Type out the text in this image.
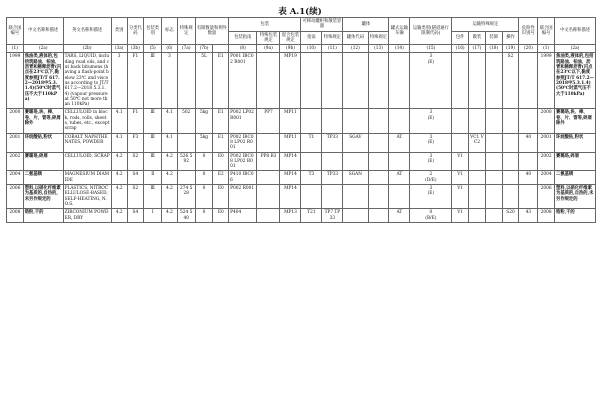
表 A.1(续)
联合国编号	中文名称和描述	英文名称和描述	类别	分类代码	包装类别	标志	特殊规定	有限数量和例外数量		包装			可移动罐柜和散装容器		罐体		罐式运输车辆	运输类别(隧道通行限制代码)	运输特殊规定				危险性识别号	联合国编号	中文名称和描述
										包装指南	特殊包装规定	混合包装规定	指南	特殊规定	罐体代码	特殊规定			包件	散装	装卸	操作			
(1)	(2a)	(2b)	(3a)	(3b)	(5)	(6)	(7a)	(7b)		(8)	(9a)	(9b)	(10)	(11)	(12)	(13)	(14)	(15)	(16)	(17)	(18)	(19)	(20)	(1)	(2a)
1999	焦油类,液体的,包括筑路油、柏油、沥青和稀释沥青(闪点在23℃以下,黏度参照JT/T 617.2—2018中5.3.1.4)(50℃时蒸气压不大于110kPa)	TARS, LIQUID, including road oils, and cut back bitumens (having a flash-point below 23℃ and viscous according to JT/T 617.2—2018 5.3.1.4) (vapour pressure at 50℃ not more than 110kPa)	3	F1	Ⅲ	3		5L	E1	P001 IBC02 R001		MP19						3
(E)				S2		1999	焦油类,液体的,包括筑路油、柏油、沥青和稀释沥青(闪点在23℃以下,黏度参照JT/T 617.2—2018中5.3.1.4)(50℃时蒸气压不大于110kPa)
2000	赛璐珞,块、棒、卷、片、管等,碎屑除外	CELLULOID in block, rods, rolls, sheets, tubes, etc., except scrap	4.1	F1	Ⅲ	4.1	502	5kg	E1	P002 LP02 R001	PP7	MP11						3
(E)						2000	赛璐珞,块、棒、卷、片、管等,碎屑除外
2001	环烷酸钴,粉状	COBALT NAPHTHENATES, POWDER	4.1	F3	Ⅲ	4.1		5kg	E1	P002 IBC08 LP02 R001		MP11	T1	TP33	SGAV		AT	3
(E)		VC1 VC2			40	2001	环烷酸钴,粉状
2002	赛璐珞,碎屑	CELLULOID, SCRAP	4.2	S2	Ⅲ	4.2	526 592	0	E0	P002 IBC08 LP02 R001	PP8 B3	MP14						3
(E)	V1					2002	赛璐珞,碎屑
2004	二氨基镁	MAGNESIUM DIAMIDE	4.2	S4	Ⅱ	4.2		0	E2	P410 IBC06		MP14	T3	TP33	SGAN		AT	2
(D/E)	V1				40	2004	二氨基镁
2006	塑料,以硝化纤维素为基质的,自热的,未另作规定的	PLASTICS, NITROCELLULOSE-BASED, SELF-HEATING, N.O.S.	4.2	S2	Ⅲ	4.2	274 528	0	E0	P002 R001		MP14						3
(E)	V1					2006	塑料,以硝化纤维素为基质的,自热的,未另作规定的
2008	锆粉,干的	ZIRCONIUM POWDER, DRY	4.2	S4	Ⅰ	4.2	524 540	0	E0	P404		MP13	T21	TP7 TP33			AT	0
(B/E)	V1			S20	43	2008	锆粉,干的
